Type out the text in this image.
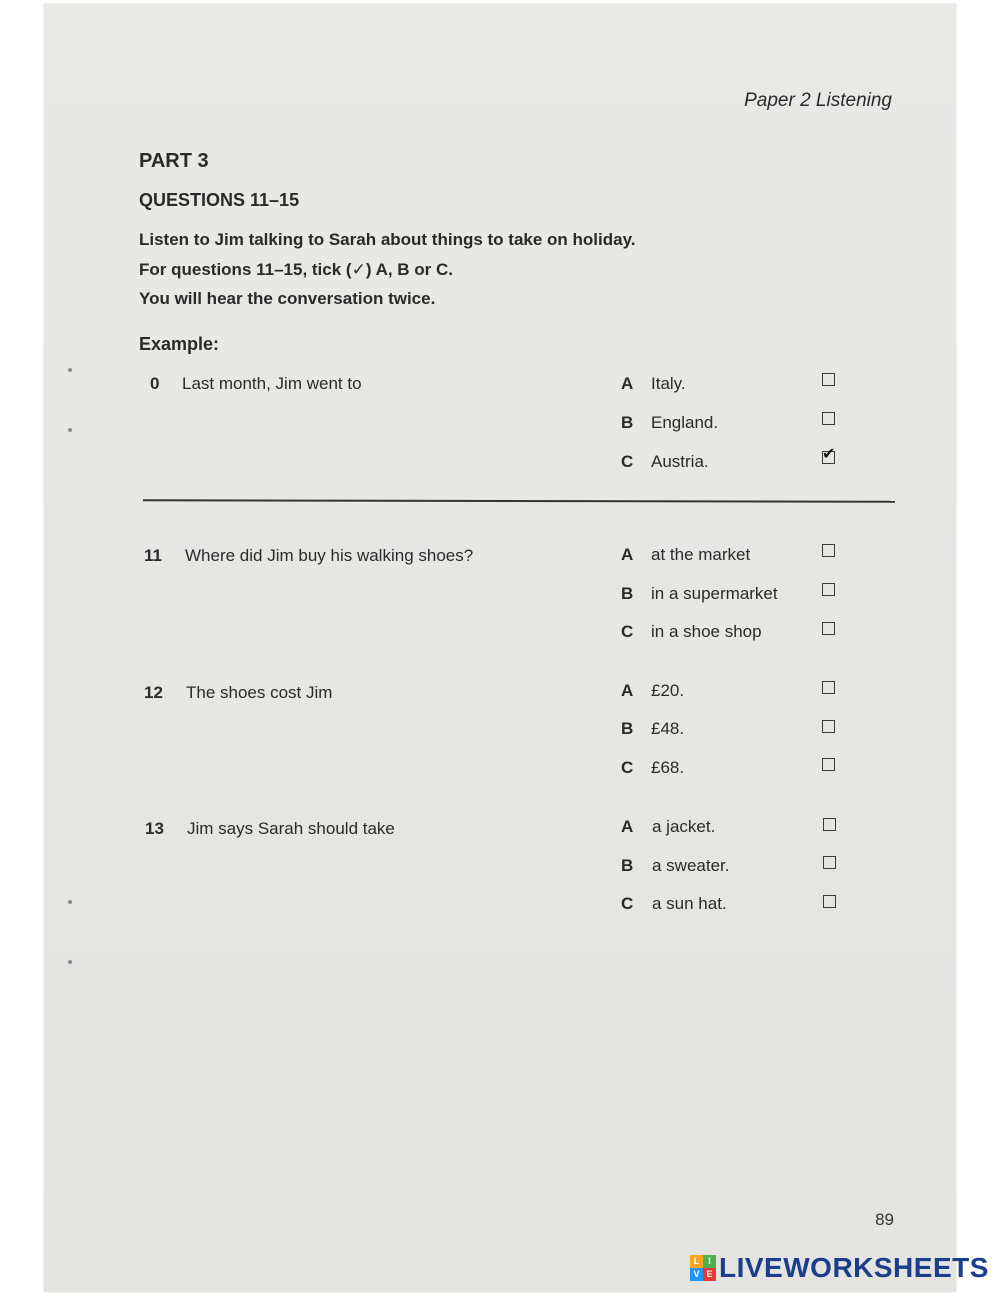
Paper 2 Listening
PART 3
QUESTIONS 11–15
Listen to Jim talking to Sarah about things to take on holiday.
For questions 11–15, tick (✓) A, B or C.
You will hear the conversation twice.
Example:
0 Last month, Jim went to	A Italy.
B England.
C Austria.	✔
11 Where did Jim buy his walking shoes?	A at the market
B in a supermarket
C in a shoe shop
12 The shoes cost Jim	A £20.
B £48.
C £68.
13 Jim says Sarah should take	A a jacket.
B a sweater.
C a sun hat.
89
L I
V E LIVEWORKSHEETS
